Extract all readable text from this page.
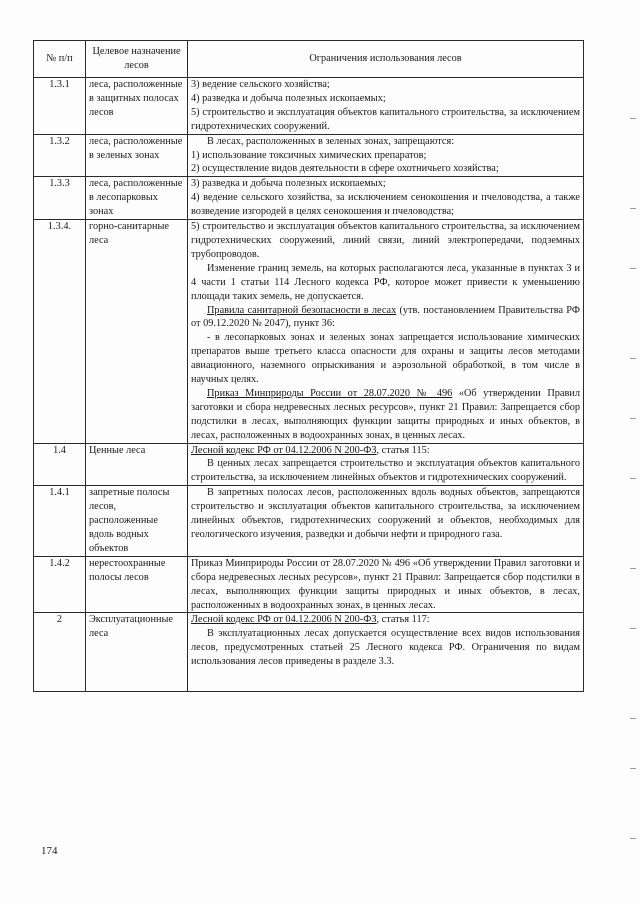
№ п/п	Целевое назначение лесов	Ограничения использования лесов
1.3.1	леса, расположенные в защитных полосах лесов	3) ведение сельского хозяйства;

4) разведка и добыча полезных ископаемых;

5) строительство и эксплуатация объектов капитального строительства, за исключением гидротехнических сооружений.

1.3.2	леса, расположенные в зеленых зонах	В лесах, расположенных в зеленых зонах, запрещаются:

1) использование токсичных химических препаратов;

2) осуществление видов деятельности в сфере охотничьего хозяйства;

1.3.3	леса, расположенные в лесопарковых зонах	3) разведка и добыча полезных ископаемых;

4) ведение сельского хозяйства, за исключением сенокошения и пчеловодства, а также возведение изгородей в целях сенокошения и пчеловодства;

1.3.4.	горно-санитарные леса	5) строительство и эксплуатация объектов капитального строительства, за исключением гидротехнических сооружений, линий связи, линий электропередачи, подземных трубопроводов.

Изменение границ земель, на которых располагаются леса, указанные в пунктах 3 и 4 части 1 статьи 114 Лесного кодекса РФ, которое может привести к уменьшению площади таких земель, не допускается.

Правила санитарной безопасности в лесах (утв. постановлением Правительства РФ от 09.12.2020 № 2047), пункт 36:

- в лесопарковых зонах и зеленых зонах запрещается использование химических препаратов выше третьего класса опасности для охраны и защиты лесов методами авиационного, наземного опрыскивания и аэрозольной обработкой, в том числе в научных целях.

Приказ Минприроды России от 28.07.2020 № 496 «Об утверждении Правил заготовки и сбора недревесных лесных ресурсов», пункт 21 Правил: Запрещается сбор подстилки в лесах, выполняющих функции защиты природных и иных объектов, в лесах, расположенных в водоохранных зонах, в ценных лесах.

1.4	Ценные леса	Лесной кодекс РФ от 04.12.2006 N 200-ФЗ, статья 115:

В ценных лесах запрещается строительство и эксплуатация объектов капитального строительства, за исключением линейных объектов и гидротехнических сооружений.

1.4.1	запретные полосы лесов, расположенные вдоль водных объектов	В запретных полосах лесов, расположенных вдоль водных объектов, запрещаются строительство и эксплуатация объектов капитального строительства, за исключением линейных объектов, гидротехнических сооружений и объектов, необходимых для геологического изучения, разведки и добычи нефти и природного газа.

1.4.2	нерестоохранные полосы лесов	Приказ Минприроды России от 28.07.2020 № 496 «Об утверждении Правил заготовки и сбора недревесных лесных ресурсов», пункт 21 Правил: Запрещается сбор подстилки в лесах, выполняющих функции защиты природных и иных объектов, в лесах, расположенных в водоохранных зонах, в ценных лесах.

2	Эксплуатационные леса	Лесной кодекс РФ от 04.12.2006 N 200-ФЗ, статья 117:

В эксплуатационных лесах допускается осуществление всех видов использования лесов, предусмотренных статьей 25 Лесного кодекса РФ. Ограничения по видам использования лесов приведены в разделе 3.3.

174
